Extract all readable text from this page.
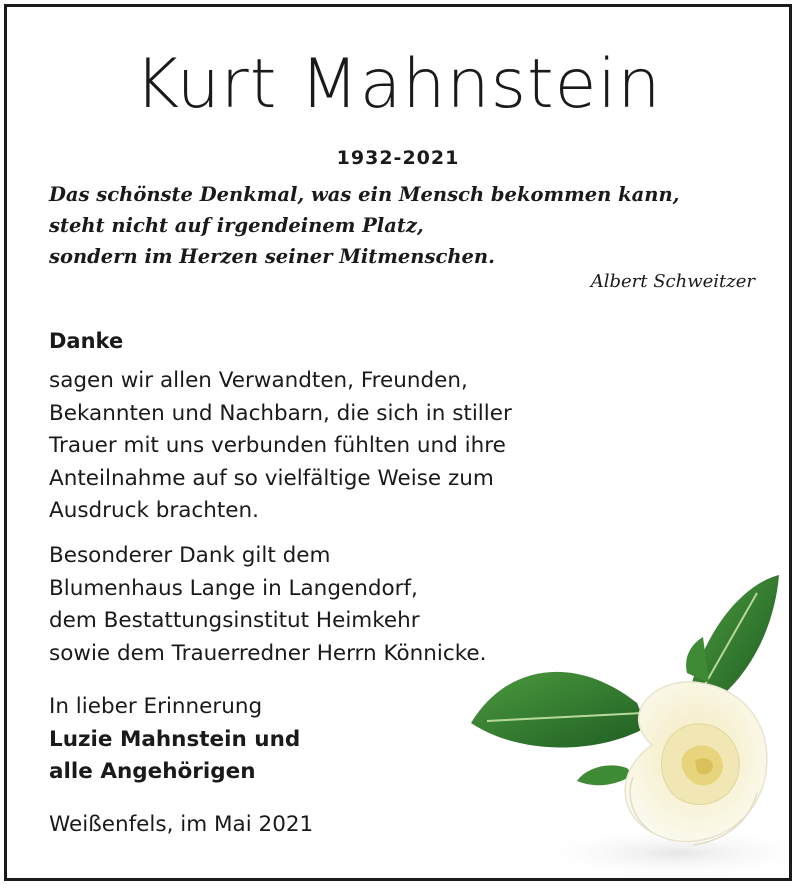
Kurt Mahnstein
1932-2021
Das schönste Denkmal, was ein Mensch bekommen kann,
steht nicht auf irgendeinem Platz,
sondern im Herzen seiner Mitmenschen.
Albert Schweitzer
Danke
sagen wir allen Verwandten, Freunden,
Bekannten und Nachbarn, die sich in stiller
Trauer mit uns verbunden fühlten und ihre
Anteilnahme auf so vielfältige Weise zum
Ausdruck brachten.
Besonderer Dank gilt dem
Blumenhaus Lange in Langendorf,
dem Bestattungsinstitut Heimkehr
sowie dem Trauerredner Herrn Könnicke.
In lieber Erinnerung
Luzie Mahnstein und
alle Angehörigen
Weißenfels, im Mai 2021
